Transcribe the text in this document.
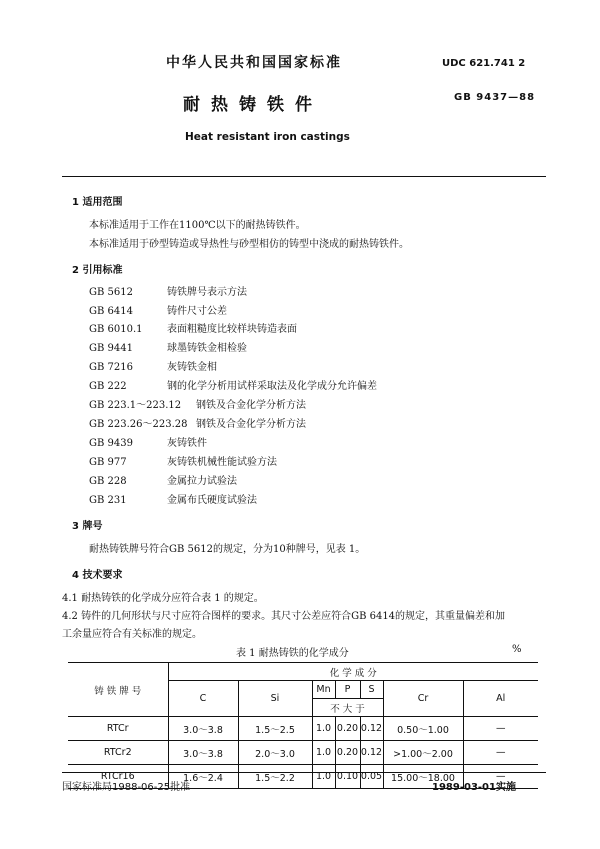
中华人民共和国国家标准	UDC 621.741 2
耐热铸铁件	GB 9437—88
Heat resistant iron castings
1 适用范围
本标准适用于工作在1100℃以下的耐热铸铁件。
本标准适用于砂型铸造或导热性与砂型相仿的铸型中浇成的耐热铸铁件。
2 引用标准
GB 5612	铸铁牌号表示方法
GB 6414	铸件尺寸公差
GB 6010.1 表面粗糙度比较样块铸造表面
GB 9441	球墨铸铁金相检验
GB 7216	灰铸铁金相
GB 222	钢的化学分析用试样采取法及化学成分允许偏差
GB 223.1～223.12 钢铁及合金化学分析方法
GB 223.26～223.28 钢铁及合金化学分析方法
GB 9439	灰铸铁件
GB 977	灰铸铁机械性能试验方法
GB 228	金属拉力试验法
GB 231	金属布氏硬度试验法
3 牌号
耐热铸铁牌号符合GB 5612的规定，分为10种牌号，见表 1。
4 技术要求
4.1 耐热铸铁的化学成分应符合表 1 的规定。
4.2 铸件的几何形状与尺寸应符合图样的要求。其尺寸公差应符合GB 6414的规定，其重量偏差和加
工余量应符合有关标准的规定。
表 1 耐热铸铁的化学成分	%
铸 铁 牌 号	化 学 成 分						
	C	Si	Mn	P	S	Cr	Al
			不 大 于				
RTCr	3.0～3.8	1.5～2.5	1.0	0.20	0.12	0.50～1.00	—
RTCr2	3.0～3.8	2.0～3.0	1.0	0.20	0.12	>1.00～2.00	—
RTCr16	1.6～2.4	1.5～2.2	1.0	0.10	0.05	15.00～18.00	—
国家标准局1988-06-25批准	1989-03-01实施
